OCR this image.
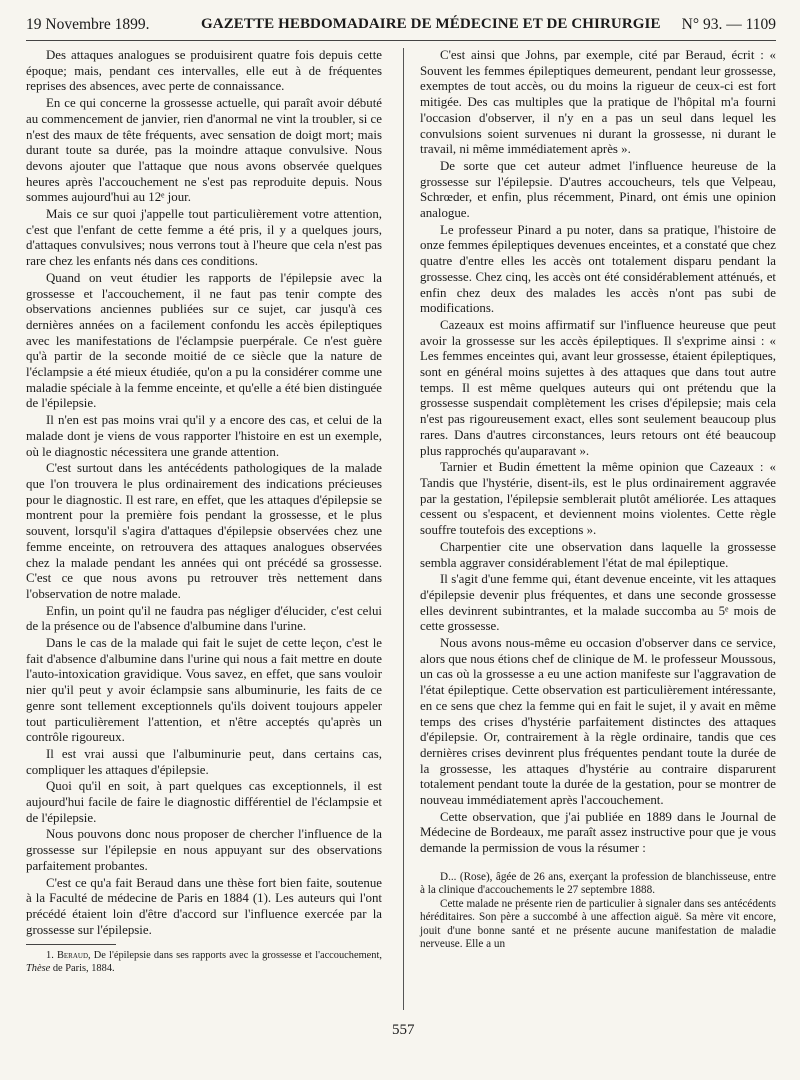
19 Novembre 1899.	GAZETTE HEBDOMADAIRE DE MÉDECINE ET DE CHIRURGIE N° 93. — 1109

Des attaques analogues se produisirent quatre fois depuis cette époque; mais, pendant ces intervalles, elle eut à de fréquentes reprises des absences, avec perte de connaissance.

En ce qui concerne la grossesse actuelle, qui paraît avoir débuté au commencement de janvier, rien d'anormal ne vint la troubler, si ce n'est des maux de tête fréquents, avec sensation de doigt mort; mais durant toute sa durée, pas la moindre attaque convulsive. Nous devons ajouter que l'attaque que nous avons observée quelques heures après l'accouchement ne s'est pas reproduite depuis. Nous sommes aujourd'hui au 12ᵉ jour.

Mais ce sur quoi j'appelle tout particulièrement votre attention, c'est que l'enfant de cette femme a été pris, il y a quelques jours, d'attaques convulsives; nous verrons tout à l'heure que cela n'est pas rare chez les enfants nés dans ces conditions.

Quand on veut étudier les rapports de l'épilepsie avec la grossesse et l'accouchement, il ne faut pas tenir compte des observations anciennes publiées sur ce sujet, car jusqu'à ces dernières années on a facilement confondu les accès épileptiques avec les manifestations de l'éclampsie puerpérale. Ce n'est guère qu'à partir de la seconde moitié de ce siècle que la nature de l'éclampsie a été mieux étudiée, qu'on a pu la considérer comme une maladie spéciale à la femme enceinte, et qu'elle a été bien distinguée de l'épilepsie.

Il n'en est pas moins vrai qu'il y a encore des cas, et celui de la malade dont je viens de vous rapporter l'histoire en est un exemple, où le diagnostic nécessitera une grande attention.

C'est surtout dans les antécédents pathologiques de la malade que l'on trouvera le plus ordinairement des indications précieuses pour le diagnostic. Il est rare, en effet, que les attaques d'épilepsie se montrent pour la première fois pendant la grossesse, et le plus souvent, lorsqu'il s'agira d'attaques d'épilepsie observées chez une femme enceinte, on retrouvera des attaques analogues observées chez la malade pendant les années qui ont précédé sa grossesse. C'est ce que nous avons pu retrouver très nettement dans l'observation de notre malade.

Enfin, un point qu'il ne faudra pas négliger d'élucider, c'est celui de la présence ou de l'absence d'albumine dans l'urine.

Dans le cas de la malade qui fait le sujet de cette leçon, c'est le fait d'absence d'albumine dans l'urine qui nous a fait mettre en doute l'auto-intoxication gravidique. Vous savez, en effet, que sans vouloir nier qu'il peut y avoir éclampsie sans albuminurie, les faits de ce genre sont tellement exceptionnels qu'ils doivent toujours appeler tout particulièrement l'attention, et n'être acceptés qu'après un contrôle rigoureux.

Il est vrai aussi que l'albuminurie peut, dans certains cas, compliquer les attaques d'épilepsie.

Quoi qu'il en soit, à part quelques cas exceptionnels, il est aujourd'hui facile de faire le diagnostic différentiel de l'éclampsie et de l'épilepsie.

Nous pouvons donc nous proposer de chercher l'influence de la grossesse sur l'épilepsie en nous appuyant sur des observations parfaitement probantes.

C'est ce qu'a fait Beraud dans une thèse fort bien faite, soutenue à la Faculté de médecine de Paris en 1884 (1). Les auteurs qui l'ont précédé étaient loin d'être d'accord sur l'influence exercée par la grossesse sur l'épilepsie.

1. Beraud, De l'épilepsie dans ses rapports avec la grossesse et l'accouchement, Thèse de Paris, 1884.

C'est ainsi que Johns, par exemple, cité par Beraud, écrit : « Souvent les femmes épileptiques demeurent, pendant leur grossesse, exemptes de tout accès, ou du moins la rigueur de ceux-ci est fort mitigée. Des cas multiples que la pratique de l'hôpital m'a fourni l'occasion d'observer, il n'y en a pas un seul dans lequel les convulsions soient survenues ni durant la grossesse, ni durant le travail, ni même immédiatement après ».

De sorte que cet auteur admet l'influence heureuse de la grossesse sur l'épilepsie. D'autres accoucheurs, tels que Velpeau, Schrœder, et enfin, plus récemment, Pinard, ont émis une opinion analogue.

Le professeur Pinard a pu noter, dans sa pratique, l'histoire de onze femmes épileptiques devenues enceintes, et a constaté que chez quatre d'entre elles les accès ont totalement disparu pendant la grossesse. Chez cinq, les accès ont été considérablement atténués, et enfin chez deux des malades les accès n'ont pas subi de modifications.

Cazeaux est moins affirmatif sur l'influence heureuse que peut avoir la grossesse sur les accès épileptiques. Il s'exprime ainsi : « Les femmes enceintes qui, avant leur grossesse, étaient épileptiques, sont en général moins sujettes à des attaques que dans tout autre temps. Il est même quelques auteurs qui ont prétendu que la grossesse suspendait complètement les crises d'épilepsie; mais cela n'est pas rigoureusement exact, elles sont seulement beaucoup plus rares. Dans d'autres circonstances, leurs retours ont été beaucoup plus rapprochés qu'auparavant ».

Tarnier et Budin émettent la même opinion que Cazeaux : « Tandis que l'hystérie, disent-ils, est le plus ordinairement aggravée par la gestation, l'épilepsie semblerait plutôt améliorée. Les attaques cessent ou s'espacent, et deviennent moins violentes. Cette règle souffre toutefois des exceptions ».

Charpentier cite une observation dans laquelle la grossesse sembla aggraver considérablement l'état de mal épileptique.

Il s'agit d'une femme qui, étant devenue enceinte, vit les attaques d'épilepsie devenir plus fréquentes, et dans une seconde grossesse elles devinrent subintrantes, et la malade succomba au 5ᵉ mois de cette grossesse.

Nous avons nous-même eu occasion d'observer dans ce service, alors que nous étions chef de clinique de M. le professeur Moussous, un cas où la grossesse a eu une action manifeste sur l'aggravation de l'état épileptique. Cette observation est particulièrement intéressante, en ce sens que chez la femme qui en fait le sujet, il y avait en même temps des crises d'hystérie parfaitement distinctes des attaques d'épilepsie. Or, contrairement à la règle ordinaire, tandis que ces dernières crises devinrent plus fréquentes pendant toute la durée de la grossesse, les attaques d'hystérie au contraire disparurent totalement pendant toute la durée de la gestation, pour se montrer de nouveau immédiatement après l'accouchement.

Cette observation, que j'ai publiée en 1889 dans le Journal de Médecine de Bordeaux, me paraît assez instructive pour que je vous demande la permission de vous la résumer :

D... (Rose), âgée de 26 ans, exerçant la profession de blanchisseuse, entre à la clinique d'accouchements le 27 septembre 1888.

Cette malade ne présente rien de particulier à signaler dans ses antécédents héréditaires. Son père a succombé à une affection aiguë. Sa mère vit encore, jouit d'une bonne santé et ne présente aucune manifestation de maladie nerveuse. Elle a un

557
